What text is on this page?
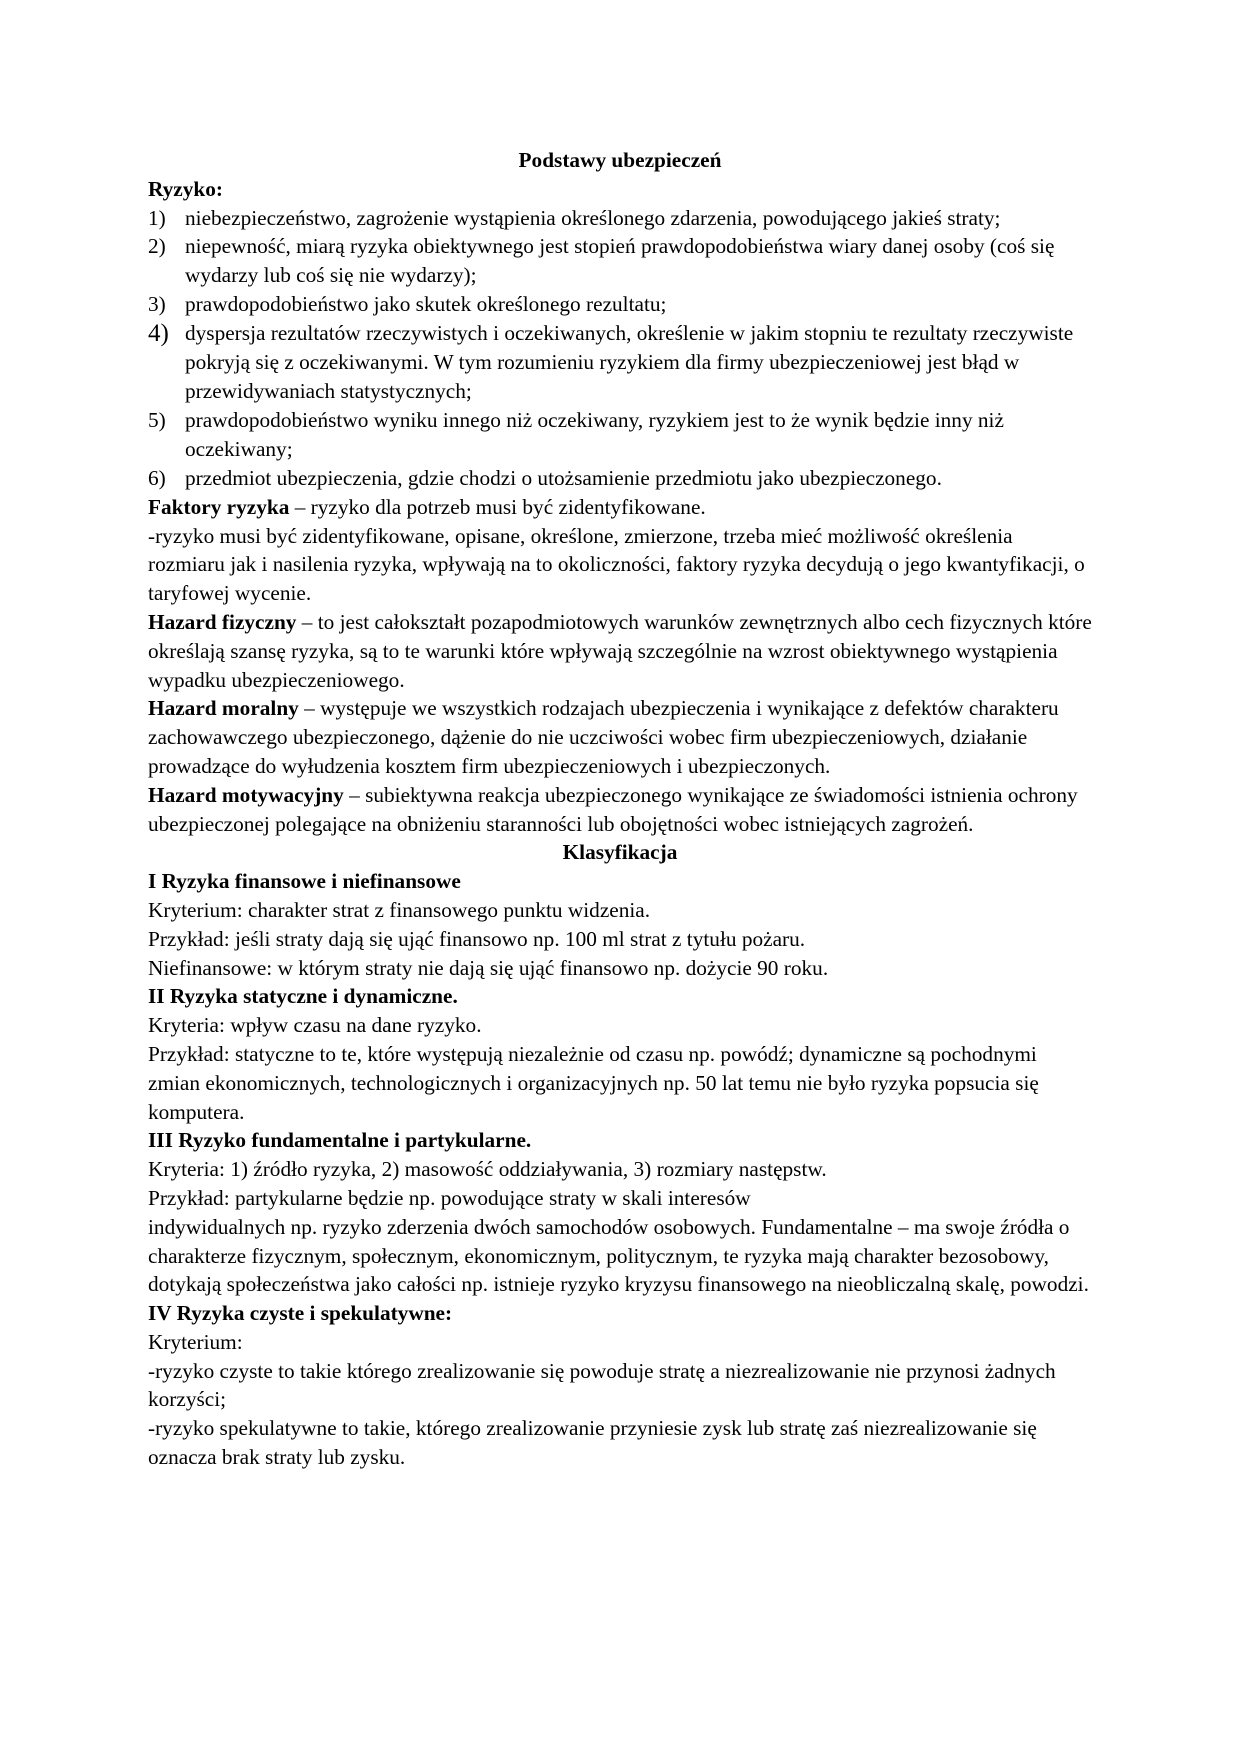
Podstawy ubezpieczeń
Ryzyko:
1) niebezpieczeństwo, zagrożenie wystąpienia określonego zdarzenia, powodującego jakieś straty;
2) niepewność, miarą ryzyka obiektywnego jest stopień prawdopodobieństwa wiary danej osoby (coś się wydarzy lub coś się nie wydarzy);
3) prawdopodobieństwo jako skutek określonego rezultatu;
4) dyspersja rezultatów rzeczywistych i oczekiwanych, określenie w jakim stopniu te rezultaty rzeczywiste pokryją się z oczekiwanymi. W tym rozumieniu ryzykiem dla firmy ubezpieczeniowej jest błąd w przewidywaniach statystycznych;
5) prawdopodobieństwo wyniku innego niż oczekiwany, ryzykiem jest to że wynik będzie inny niż oczekiwany;
6) przedmiot ubezpieczenia, gdzie chodzi o utożsamienie przedmiotu jako ubezpieczonego.

Faktory ryzyka – ryzyko dla potrzeb musi być zidentyfikowane.

-ryzyko musi być zidentyfikowane, opisane, określone, zmierzone, trzeba mieć możliwość określenia rozmiaru jak i nasilenia ryzyka, wpływają na to okoliczności, faktory ryzyka decydują o jego kwantyfikacji, o taryfowej wycenie.

Hazard fizyczny – to jest całokształt pozapodmiotowych warunków zewnętrznych albo cech fizycznych które określają szansę ryzyka, są to te warunki które wpływają szczególnie na wzrost obiektywnego wystąpienia wypadku ubezpieczeniowego.

Hazard moralny – występuje we wszystkich rodzajach ubezpieczenia i wynikające z defektów charakteru zachowawczego ubezpieczonego, dążenie do nie uczciwości wobec firm ubezpieczeniowych, działanie prowadzące do wyłudzenia kosztem firm ubezpieczeniowych i ubezpieczonych.

Hazard motywacyjny – subiektywna reakcja ubezpieczonego wynikające ze świadomości istnienia ochrony ubezpieczonej polegające na obniżeniu staranności lub obojętności wobec istniejących zagrożeń.

Klasyfikacja
I Ryzyka finansowe i niefinansowe

Kryterium: charakter strat z finansowego punktu widzenia.

Przykład: jeśli straty dają się ująć finansowo np. 100 ml strat z tytułu pożaru.

Niefinansowe: w którym straty nie dają się ująć finansowo np. dożycie 90 roku.

II Ryzyka statyczne i dynamiczne.

Kryteria: wpływ czasu na dane ryzyko.

Przykład: statyczne to te, które występują niezależnie od czasu np. powódź; dynamiczne są pochodnymi zmian ekonomicznych, technologicznych i organizacyjnych np. 50 lat temu nie było ryzyka popsucia się komputera.

III Ryzyko fundamentalne i partykularne.

Kryteria: 1) źródło ryzyka, 2) masowość oddziaływania, 3) rozmiary następstw.

Przykład: partykularne będzie np. powodujące straty w skali interesów

indywidualnych np. ryzyko zderzenia dwóch samochodów osobowych. Fundamentalne – ma swoje źródła o charakterze fizycznym, społecznym, ekonomicznym, politycznym, te ryzyka mają charakter bezosobowy, dotykają społeczeństwa jako całości np. istnieje ryzyko kryzysu finansowego na nieobliczalną skalę, powodzi.

IV Ryzyka czyste i spekulatywne:

Kryterium:

-ryzyko czyste to takie którego zrealizowanie się powoduje stratę a niezrealizowanie nie przynosi żadnych korzyści;

-ryzyko spekulatywne to takie, którego zrealizowanie przyniesie zysk lub stratę zaś niezrealizowanie się oznacza brak straty lub zysku.
